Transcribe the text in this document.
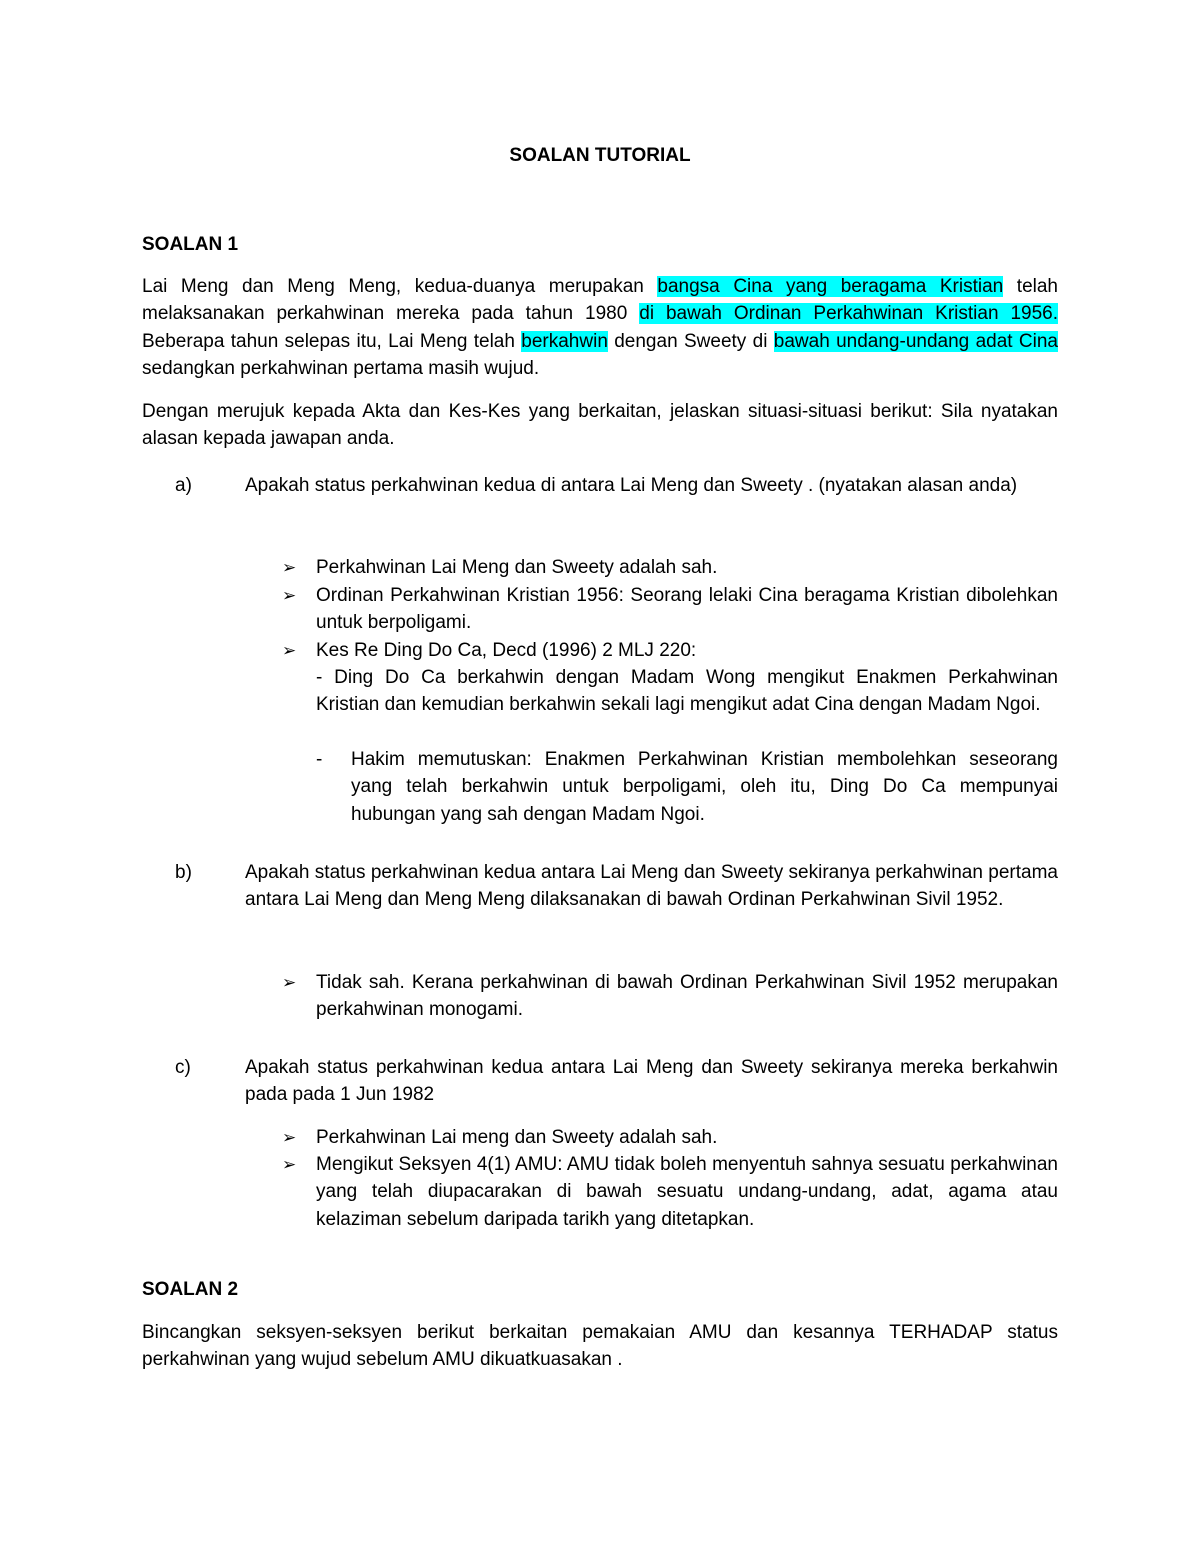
SOALAN TUTORIAL
SOALAN 1
Lai Meng dan Meng Meng, kedua-duanya merupakan bangsa Cina yang beragama Kristian telah melaksanakan perkahwinan mereka pada tahun 1980 di bawah Ordinan Perkahwinan Kristian 1956. Beberapa tahun selepas itu, Lai Meng telah berkahwin dengan Sweety di bawah undang-undang adat Cina sedangkan perkahwinan pertama masih wujud.
Dengan merujuk kepada Akta dan Kes-Kes yang berkaitan, jelaskan situasi-situasi berikut: Sila nyatakan alasan kepada jawapan anda.
a)	Apakah status perkahwinan kedua di antara Lai Meng dan Sweety . (nyatakan alasan anda)
➢ Perkahwinan Lai Meng dan Sweety adalah sah.
➢ Ordinan Perkahwinan Kristian 1956: Seorang lelaki Cina beragama Kristian dibolehkan untuk berpoligami.
➢ Kes Re Ding Do Ca, Decd (1996) 2 MLJ 220:
- Ding Do Ca berkahwin dengan Madam Wong mengikut Enakmen Perkahwinan Kristian dan kemudian berkahwin sekali lagi mengikut adat Cina dengan Madam Ngoi.
- Hakim memutuskan: Enakmen Perkahwinan Kristian membolehkan seseorang yang telah berkahwin untuk berpoligami, oleh itu, Ding Do Ca mempunyai hubungan yang sah dengan Madam Ngoi.
b)	Apakah status perkahwinan kedua antara Lai Meng dan Sweety sekiranya perkahwinan pertama antara Lai Meng dan Meng Meng dilaksanakan di bawah Ordinan Perkahwinan Sivil 1952.
➢ Tidak sah. Kerana perkahwinan di bawah Ordinan Perkahwinan Sivil 1952 merupakan perkahwinan monogami.
c)	Apakah status perkahwinan kedua antara Lai Meng dan Sweety sekiranya mereka berkahwin pada pada 1 Jun 1982
➢ Perkahwinan Lai meng dan Sweety adalah sah.
➢ Mengikut Seksyen 4(1) AMU: AMU tidak boleh menyentuh sahnya sesuatu perkahwinan yang telah diupacarakan di bawah sesuatu undang-undang, adat, agama atau kelaziman sebelum daripada tarikh yang ditetapkan.
SOALAN 2
Bincangkan seksyen-seksyen berikut berkaitan pemakaian AMU dan kesannya TERHADAP status perkahwinan yang wujud sebelum AMU dikuatkuasakan .
